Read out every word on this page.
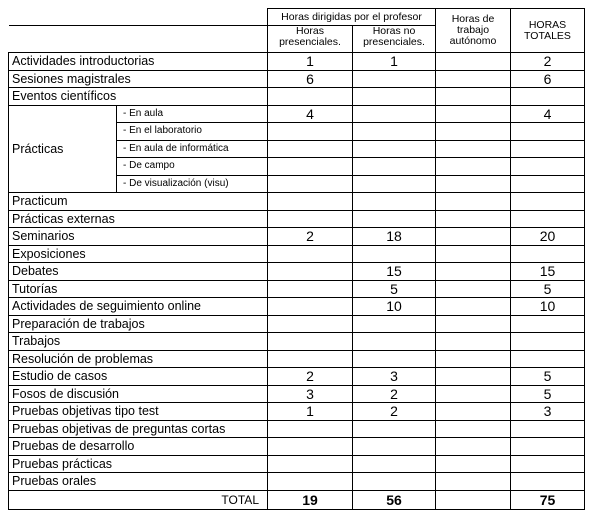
		Horas dirigidas por el profesor		Horas de trabajo autónomo	HORAS TOTALES
		Horas presenciales.	Horas no presenciales.		
Actividades introductorias		1	1		2
Sesiones magistrales		6			6
Eventos científicos					
Prácticas	- En aula	4			4
	- En el laboratorio				
	- En aula de informática				
	- De campo				
	- De visualización (visu)				
Practicum					
Prácticas externas					
Seminarios		2	18		20
Exposiciones					
Debates			15		15
Tutorías			5		5
Actividades de seguimiento online			10		10
Preparación de trabajos					
Trabajos					
Resolución de problemas					
Estudio de casos		2	3		5
Fosos de discusión		3	2		5
Pruebas objetivas tipo test		1	2		3
Pruebas objetivas de preguntas cortas					
Pruebas de desarrollo					
Pruebas prácticas					
Pruebas orales					
TOTAL		19	56		75
